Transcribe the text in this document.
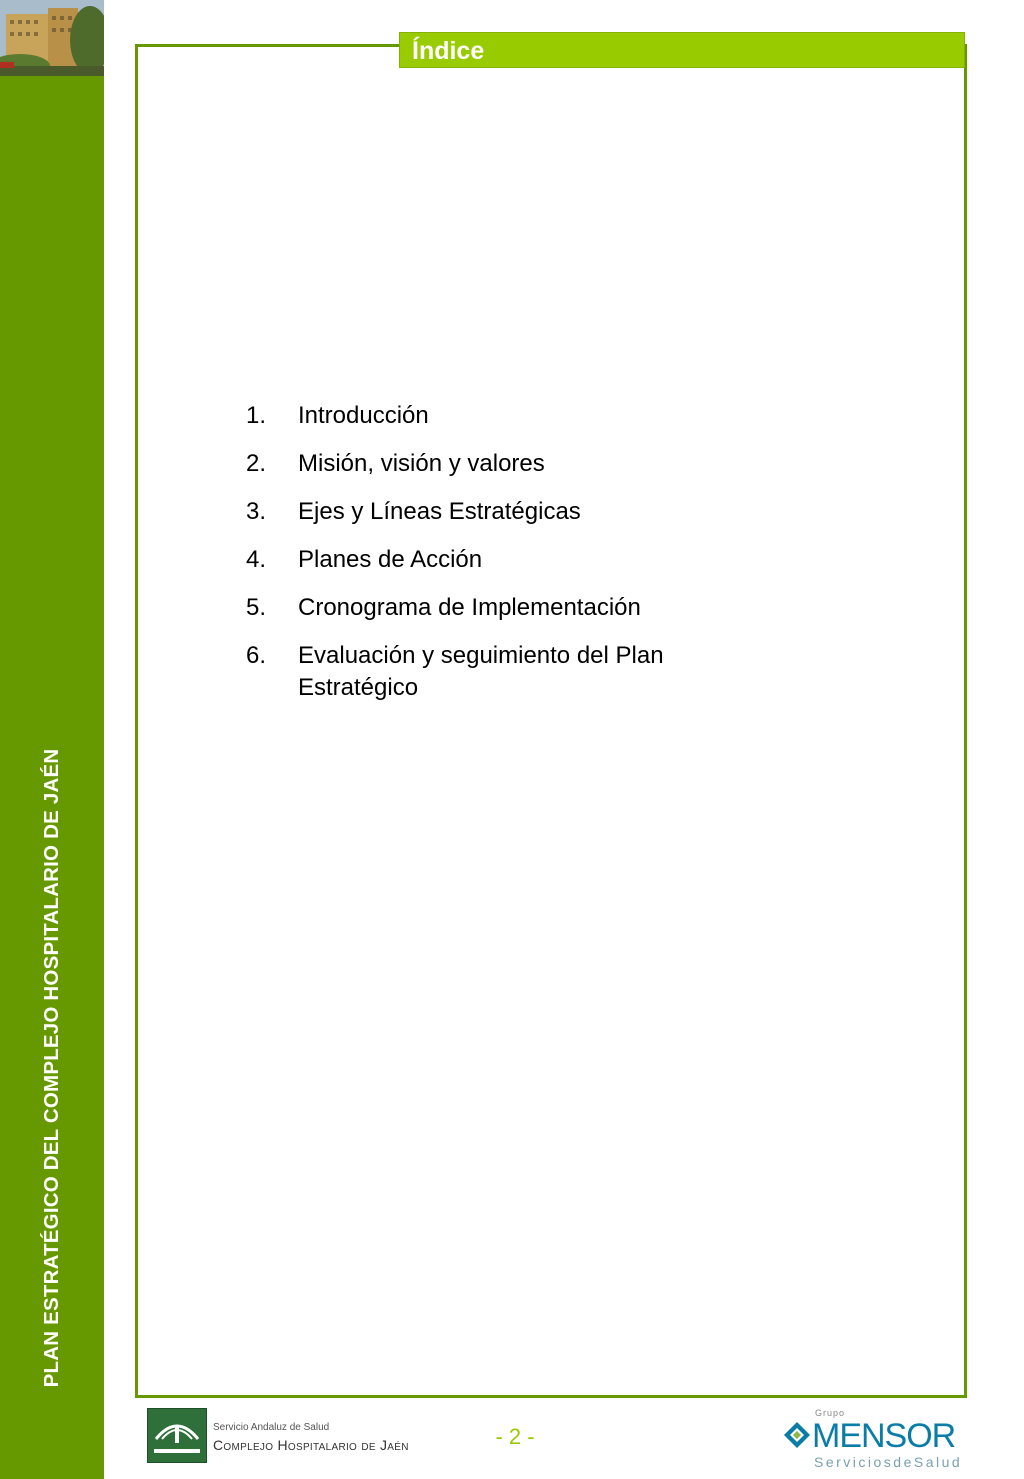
PLAN ESTRATÉGICO DEL COMPLEJO HOSPITALARIO DE JAÉN
Índice
1. Introducción
2. Misión, visión y valores
3. Ejes y Líneas Estratégicas
4. Planes de Acción
5. Cronograma de Implementación
6. Evaluación y seguimiento del Plan Estratégico
Servicio Andaluz de Salud
Complejo Hospitalario de Jaén	- 2 -
Grupo
MENSOR
ServiciosdeSalud
